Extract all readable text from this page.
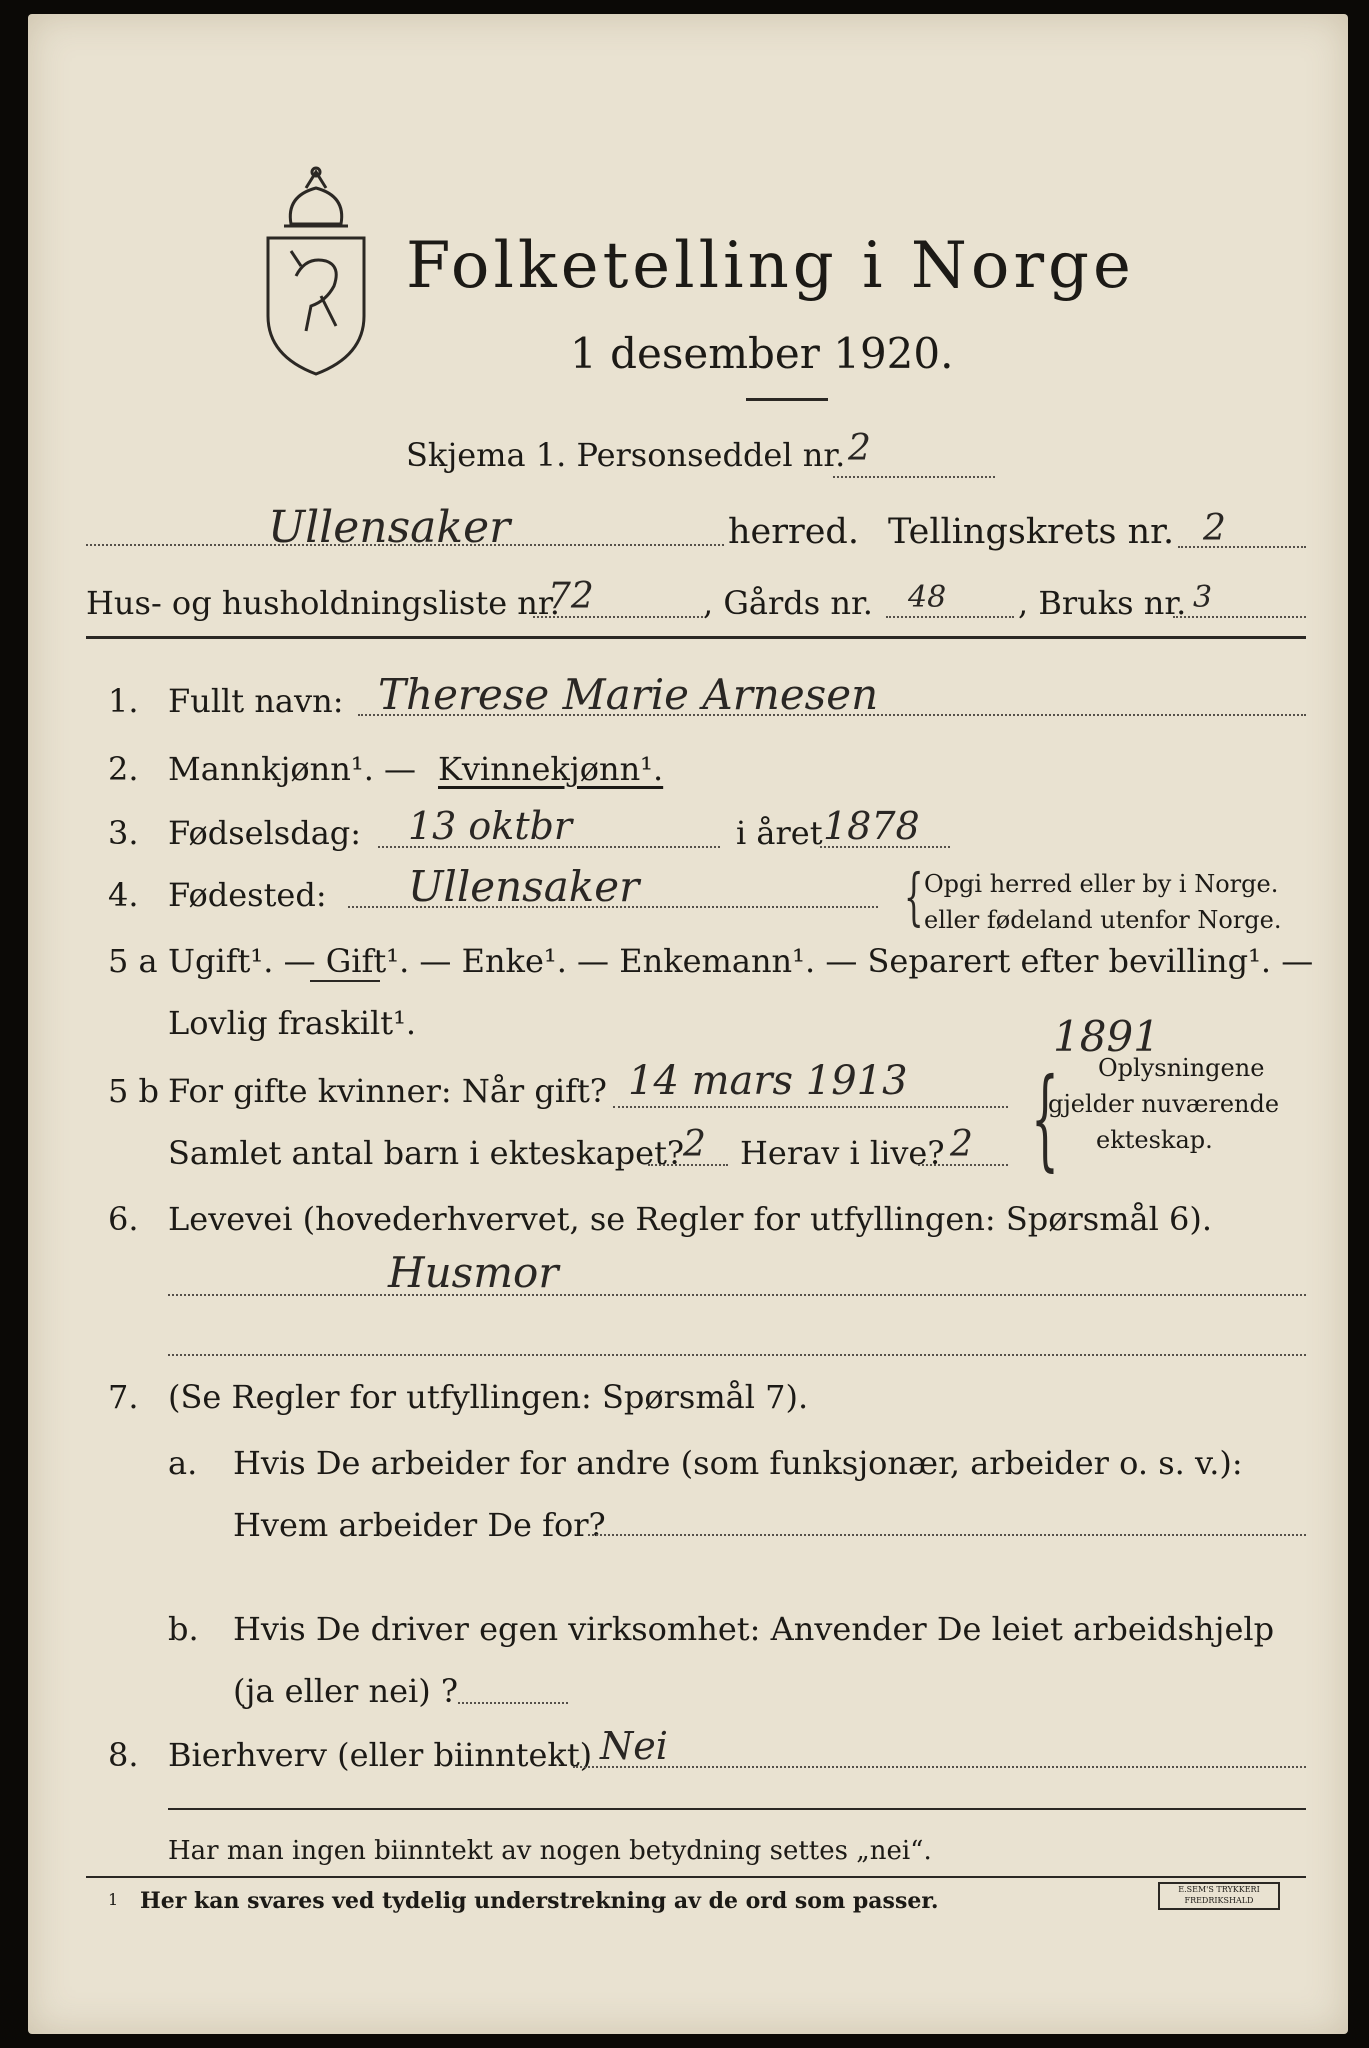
Folketelling i Norge
1 desember 1920.
Skjema 1. Personseddel nr. 2
Ullensaker	herred. Tellingskrets nr. 2
Hus- og husholdningsliste nr.
72	, Gårds nr. 48 , Bruks nr. 3
1. Fullt navn: Therese Marie Arnesen
2. Mannkjønn¹. — Kvinnekjønn¹.
3. Fødselsdag: 13 oktbr	i året 1878
4. Fødested: Ullensaker	{ Opgi herred eller by i Norge.
eller fødeland utenfor Norge.
5 a Ugift¹. — Gift¹. — Enke¹. — Enkemann¹. — Separert efter bevilling¹. —
Lovlig fraskilt¹.	1891
5 b For gifte kvinner: Når gift? 14 mars 1913
Samlet antal barn i ekteskapet?
2 Herav i live? 2 { Oplysningene
gjelder nuværende
ekteskap.
6. Levevei (hovederhvervet, se Regler for utfyllingen: Spørsmål 6).
Husmor
7. (Se Regler for utfyllingen: Spørsmål 7).
a. Hvis De arbeider for andre (som funksjonær, arbeider o. s. v.):
Hvem arbeider De for?
b. Hvis De driver egen virksomhet: Anvender De leiet arbeidshjelp
(ja eller nei) ?
8. Bierhverv (eller biinntekt) Nei
Har man ingen biinntekt av nogen betydning settes „nei“.
1 Her kan svares ved tydelig understrekning av de ord som passer.	E.SEM'S TRYKKERI FREDRIKSHALD
